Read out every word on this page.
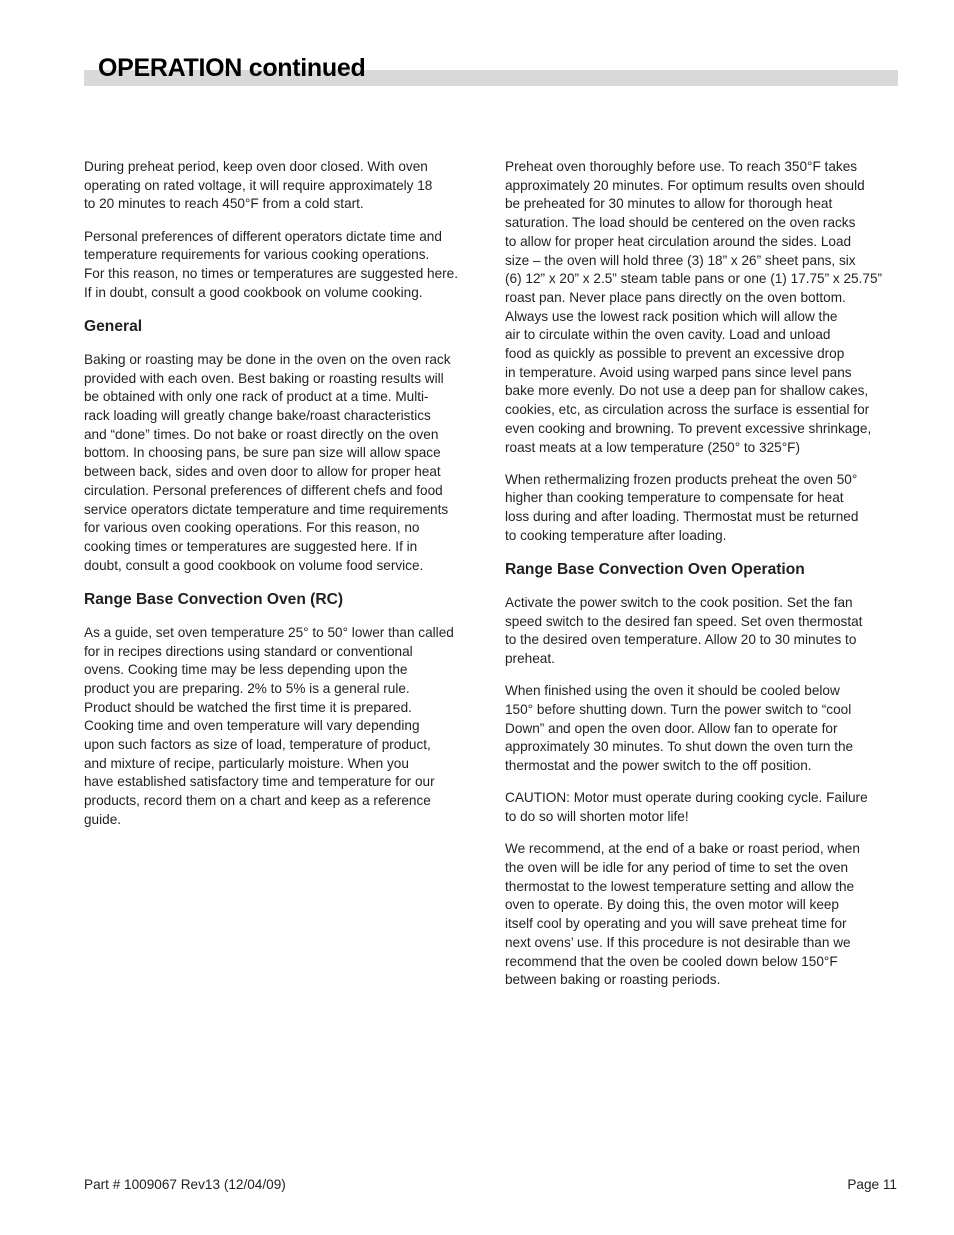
OPERATION continued

During preheat period, keep oven door closed. With oven
operating on rated voltage, it will require approximately 18
to 20 minutes to reach 450°F from a cold start.

Personal preferences of different operators dictate time and
temperature requirements for various cooking operations.
For this reason, no times or temperatures are suggested here.
If in doubt, consult a good cookbook on volume cooking.

General

Baking or roasting may be done in the oven on the oven rack
provided with each oven. Best baking or roasting results will
be obtained with only one rack of product at a time. Multi-
rack loading will greatly change bake/roast characteristics
and “done” times. Do not bake or roast directly on the oven
bottom. In choosing pans, be sure pan size will allow space
between back, sides and oven door to allow for proper heat
circulation. Personal preferences of different chefs and food
service operators dictate temperature and time requirements
for various oven cooking operations. For this reason, no
cooking times or temperatures are suggested here. If in
doubt, consult a good cookbook on volume food service.

Range Base Convection Oven (RC)

As a guide, set oven temperature 25° to 50° lower than called
for in recipes directions using standard or conventional
ovens. Cooking time may be less depending upon the
product you are preparing. 2% to 5% is a general rule.
Product should be watched the first time it is prepared.
Cooking time and oven temperature will vary depending
upon such factors as size of load, temperature of product,
and mixture of recipe, particularly moisture. When you
have established satisfactory time and temperature for our
products, record them on a chart and keep as a reference
guide.

Preheat oven thoroughly before use. To reach 350°F takes
approximately 20 minutes. For optimum results oven should
be preheated for 30 minutes to allow for thorough heat
saturation. The load should be centered on the oven racks
to allow for proper heat circulation around the sides. Load
size – the oven will hold three (3) 18” x 26” sheet pans, six
(6) 12” x 20” x 2.5” steam table pans or one (1) 17.75” x 25.75”
roast pan. Never place pans directly on the oven bottom.
Always use the lowest rack position which will allow the
air to circulate within the oven cavity. Load and unload
food as quickly as possible to prevent an excessive drop
in temperature. Avoid using warped pans since level pans
bake more evenly. Do not use a deep pan for shallow cakes,
cookies, etc, as circulation across the surface is essential for
even cooking and browning. To prevent excessive shrinkage,
roast meats at a low temperature (250° to 325°F)

When rethermalizing frozen products preheat the oven 50°
higher than cooking temperature to compensate for heat
loss during and after loading. Thermostat must be returned
to cooking temperature after loading.

Range Base Convection Oven Operation

Activate the power switch to the cook position. Set the fan
speed switch to the desired fan speed. Set oven thermostat
to the desired oven temperature. Allow 20 to 30 minutes to
preheat.

When finished using the oven it should be cooled below
150° before shutting down. Turn the power switch to “cool
Down” and open the oven door. Allow fan to operate for
approximately 30 minutes. To shut down the oven turn the
thermostat and the power switch to the off position.

CAUTION: Motor must operate during cooking cycle. Failure
to do so will shorten motor life!

We recommend, at the end of a bake or roast period, when
the oven will be idle for any period of time to set the oven
thermostat to the lowest temperature setting and allow the
oven to operate. By doing this, the oven motor will keep
itself cool by operating and you will save preheat time for
next ovens’ use. If this procedure is not desirable than we
recommend that the oven be cooled down below 150°F
between baking or roasting periods.

Part # 1009067 Rev13 (12/04/09)	Page 11
